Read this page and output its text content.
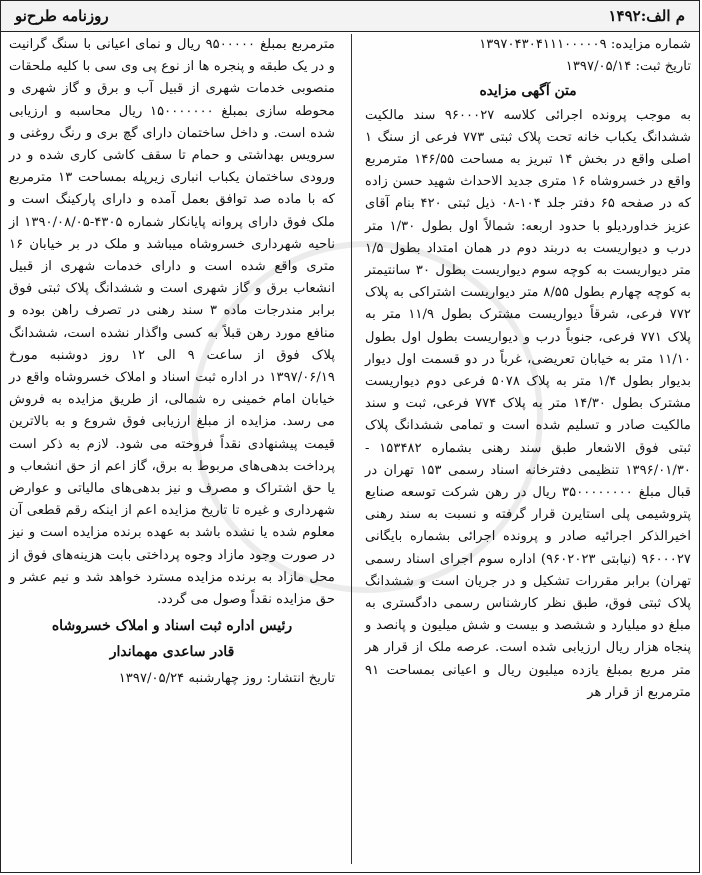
م الف:۱۴۹۲
روزنامه طرح‌نو
شماره مزایده: ۱۳۹۷۰۴۳۰۴۱۱۱۰۰۰۰۰۹
تاریخ ثبت: ۱۳۹۷/۰۵/۱۴
متن آگهی مزایده

به موجب پرونده اجرائی کلاسه ۹۶۰۰۰۲۷ سند مالکیت ششدانگ یکباب خانه تحت پلاک ثبتی ۷۷۳ فرعی از سنگ ۱ اصلی واقع در بخش ۱۴ تبریز به مساحت ۱۴۶/۵۵ مترمربع واقع در خسروشاه ۱۶ متری جدید الاحداث شهید حسن زاده که در صفحه ۶۵ دفتر جلد ۱۰۴-۰۸ ذیل ثبتی ۴۲۰ بنام آقای عزیز خداوردیلو با حدود اربعه: شمالاً اول بطول ۱/۳۰ متر درب و دیواریست به دربند دوم در همان امتداد بطول ۱/۵ متر دیواریست به کوچه سوم دیواریست بطول ۳۰ سانتیمتر به کوچه چهارم بطول ۸/۵۵ متر دیواریست اشتراکی به پلاک ۷۷۲ فرعی، شرقاً دیواریست مشترک بطول ۱۱/۹ متر به پلاک ۷۷۱ فرعی، جنوباً درب و دیواریست بطول اول بطول ۱۱/۱۰ متر به خیابان تعریضی، غرباً در دو قسمت اول دیوار بدیوار بطول ۱/۴ متر به پلاک ۵۰۷۸ فرعی دوم دیواریست مشترک بطول ۱۴/۳۰ متر به پلاک ۷۷۴ فرعی، ثبت و سند مالکیت صادر و تسلیم شده است و تمامی ششدانگ پلاک ثبتی فوق الاشعار طبق سند رهنی بشماره ۱۵۳۴۸۲ - ۱۳۹۶/۰۱/۳۰ تنظیمی دفترخانه اسناد رسمی ۱۵۳ تهران در قبال مبلغ ۳۵۰۰۰۰۰۰۰۰ ریال در رهن شرکت توسعه صنایع پتروشیمی پلی استایرن قرار گرفته و نسبت به سند رهنی اخیرالذکر اجرائیه صادر و پرونده اجرائی بشماره بایگانی ۹۶۰۰۰۲۷ (نیابتی ۹۶۰۲۰۲۳) اداره سوم اجرای اسناد رسمی تهران) برابر مقررات تشکیل و در جریان است و ششدانگ پلاک ثبتی فوق، طبق نظر کارشناس رسمی دادگستری به مبلغ دو میلیارد و ششصد و بیست و شش میلیون و پانصد و پنجاه هزار ریال ارزیابی شده است. عرصه ملک از قرار هر متر مربع بمبلغ یازده میلیون ریال و اعیانی بمساحت ۹۱ مترمربع از قرار هر

مترمربع بمبلغ ۹۵۰۰۰۰۰ ریال و نمای اعیانی با سنگ گرانیت و در یک طبقه و پنجره ها از نوع پی وی سی با کلیه ملحقات منصوبی خدمات شهری از قبیل آب و برق و گاز شهری و محوطه سازی بمبلغ ۱۵۰۰۰۰۰۰۰ ریال محاسبه و ارزیابی شده است. و داخل ساختمان دارای گچ بری و رنگ روغنی و سرویس بهداشتی و حمام تا سقف کاشی کاری شده و در ورودی ساختمان یکباب انباری زیرپله بمساحت ۱۳ مترمربع که با ماده صد توافق بعمل آمده و دارای پارکینگ است و ملک فوق دارای پروانه پایانکار شماره ۴۳۰۵-۱۳۹۰/۰۸/۰۵ از ناحیه شهرداری خسروشاه میباشد و ملک در بر خیابان ۱۶ متری واقع شده است و دارای خدمات شهری از قبیل انشعاب برق و گاز شهری است و ششدانگ پلاک ثبتی فوق برابر مندرجات ماده ۳ سند رهنی در تصرف راهن بوده و منافع مورد رهن قبلاً به کسی واگذار نشده است، ششدانگ پلاک فوق از ساعت ۹ الی ۱۲ روز دوشنبه مورخ ۱۳۹۷/۰۶/۱۹ در اداره ثبت اسناد و املاک خسروشاه واقع در خیابان امام خمینی ره شمالی، از طریق مزایده به فروش می رسد. مزایده از مبلغ ارزیابی فوق شروع و به بالاترین قیمت پیشنهادی نقداً فروخته می شود. لازم به ذکر است پرداخت بدهی‌های مربوط به برق، گاز اعم از حق انشعاب و یا حق اشتراک و مصرف و نیز بدهی‌های مالیاتی و عوارض شهرداری و غیره تا تاریخ مزایده اعم از اینکه رقم قطعی آن معلوم شده یا نشده باشد به عهده برنده مزایده است و نیز در صورت وجود مازاد وجوه پرداختی بابت هزینه‌های فوق از محل مازاد به برنده مزایده مسترد خواهد شد و نیم عشر و حق مزایده نقداً وصول می گردد.

رئیس اداره ثبت اسناد و املاک خسروشاه
قادر ساعدی مهماندار
تاریخ انتشار: روز چهارشنبه ۱۳۹۷/۰۵/۲۴
